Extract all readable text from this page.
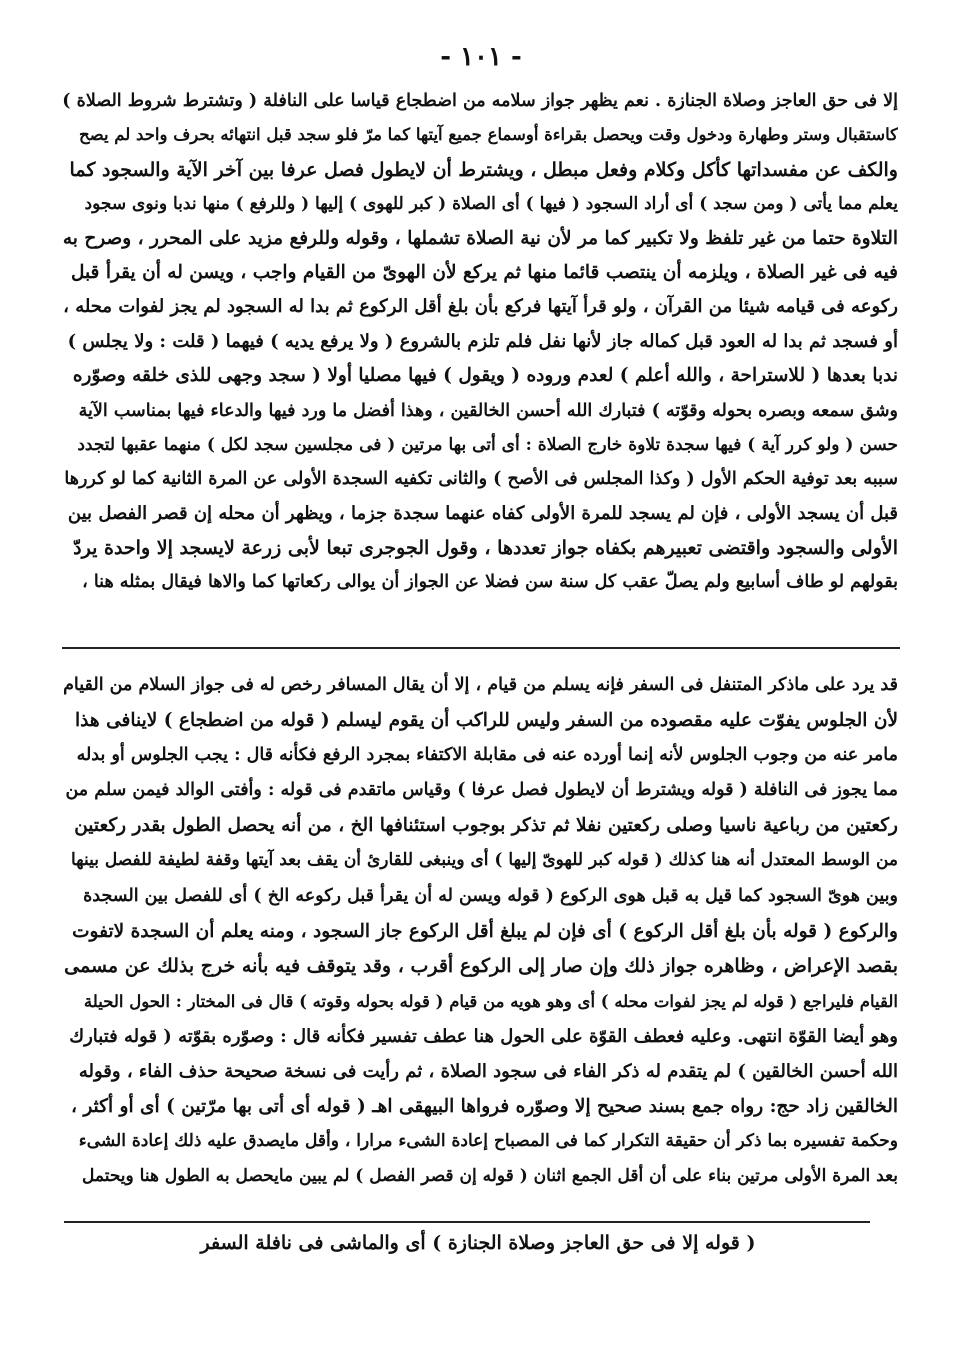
- ١٠١ -
إلا فى حق العاجز وصلاة الجنازة . نعم يظهر جواز سلامه من اضطجاع قياسا على النافلة ( وتشترط شروط الصلاة )
كاستقبال وستر وطهارة ودخول وقت ويحصل بقراءة أوسماع جميع آيتها كما مرّ فلو سجد قبل انتهائه بحرف واحد لم يصح
والكف عن مفسداتها كأكل وكلام وفعل مبطل ، ويشترط أن لايطول فصل عرفا بين آخر الآية والسجود كما
يعلم مما يأتى ( ومن سجد ) أى أراد السجود ( فيها ) أى الصلاة ( كبر للهوى ) إليها ( وللرفع ) منها ندبا ونوى سجود
التلاوة حتما من غير تلفظ ولا تكبير كما مر لأن نية الصلاة تشملها ، وقوله وللرفع مزيد على المحرر ، وصرح به
فيه فى غير الصلاة ، ويلزمه أن ينتصب قائما منها ثم يركع لأن الهوىّ من القيام واجب ، ويسن له أن يقرأ قبل
ركوعه فى قيامه شيئا من القرآن ، ولو قرأ آيتها فركع بأن بلغ أقل الركوع ثم بدا له السجود لم يجز لفوات محله ،
أو فسجد ثم بدا له العود قبل كماله جاز لأنها نفل فلم تلزم بالشروع ( ولا يرفع يديه ) فيهما ( قلت : ولا يجلس )
ندبا بعدها ( للاستراحة ، والله أعلم ) لعدم وروده ( ويقول ) فيها مصليا أولا ( سجد وجهى للذى خلقه وصوّره
وشق سمعه وبصره بحوله وقوّته ) فتبارك الله أحسن الخالقين ، وهذا أفضل ما ورد فيها والدعاء فيها بمناسب الآية
حسن ( ولو كرر آية ) فيها سجدة تلاوة خارج الصلاة : أى أتى بها مرتين ( فى مجلسين سجد لكل ) منهما عقبها لتجدد
سببه بعد توفية الحكم الأول ( وكذا المجلس فى الأصح ) والثانى تكفيه السجدة الأولى عن المرة الثانية كما لو كررها
قبل أن يسجد الأولى ، فإن لم يسجد للمرة الأولى كفاه عنهما سجدة جزما ، ويظهر أن محله إن قصر الفصل بين
الأولى والسجود واقتضى تعبيرهم بكفاه جواز تعددها ، وقول الجوجرى تبعا لأبى زرعة لايسجد إلا واحدة يردّ
بقولهم لو طاف أسابيع ولم يصلّ عقب كل سنة سن فضلا عن الجواز أن يوالى ركعاتها كما والاها فيقال بمثله هنا ،
قد يرد على ماذكر المتنفل فى السفر فإنه يسلم من قيام ، إلا أن يقال المسافر رخص له فى جواز السلام من القيام
لأن الجلوس يفوّت عليه مقصوده من السفر وليس للراكب أن يقوم ليسلم ( قوله من اضطجاع ) لاينافى هذا
مامر عنه من وجوب الجلوس لأنه إنما أورده عنه فى مقابلة الاكتفاء بمجرد الرفع فكأنه قال : يجب الجلوس أو بدله
مما يجوز فى النافلة ( قوله ويشترط أن لايطول فصل عرفا ) وقياس ماتقدم فى قوله : وأفتى الوالد فيمن سلم من
ركعتين من رباعية ناسيا وصلى ركعتين نفلا ثم تذكر بوجوب استئنافها الخ ، من أنه يحصل الطول بقدر ركعتين
من الوسط المعتدل أنه هنا كذلك ( قوله كبر للهوىّ إليها ) أى وينبغى للقارئ أن يقف بعد آيتها وقفة لطيفة للفصل بينها
وبين هوىّ السجود كما قيل به قبل هوى الركوع ( قوله ويسن له أن يقرأ قبل ركوعه الخ ) أى للفصل بين السجدة
والركوع ( قوله بأن بلغ أقل الركوع ) أى فإن لم يبلغ أقل الركوع جاز السجود ، ومنه يعلم أن السجدة لاتفوت
بقصد الإعراض ، وظاهره جواز ذلك وإن صار إلى الركوع أقرب ، وقد يتوقف فيه بأنه خرج بذلك عن مسمى
القيام فليراجع ( قوله لم يجز لفوات محله ) أى وهو هويه من قيام ( قوله بحوله وقوته ) قال فى المختار : الحول الحيلة
وهو أيضا القوّة انتهى. وعليه فعطف القوّة على الحول هنا عطف تفسير فكأنه قال : وصوّره بقوّته ( قوله فتبارك
الله أحسن الخالقين ) لم يتقدم له ذكر الفاء فى سجود الصلاة ، ثم رأيت فى نسخة صحيحة حذف الفاء ، وقوله
الخالقين زاد حج: رواه جمع بسند صحيح إلا وصوّره فرواها البيهقى اهـ ( قوله أى أتى بها مرّتين ) أى أو أكثر ،
وحكمة تفسيره بما ذكر أن حقيقة التكرار كما فى المصباح إعادة الشىء مرارا ، وأقل مايصدق عليه ذلك إعادة الشىء
بعد المرة الأولى مرتين بناء على أن أقل الجمع اثنان ( قوله إن قصر الفصل ) لم يبين مايحصل به الطول هنا ويحتمل
( قوله إلا فى حق العاجز وصلاة الجنازة ) أى والماشى فى نافلة السفر
